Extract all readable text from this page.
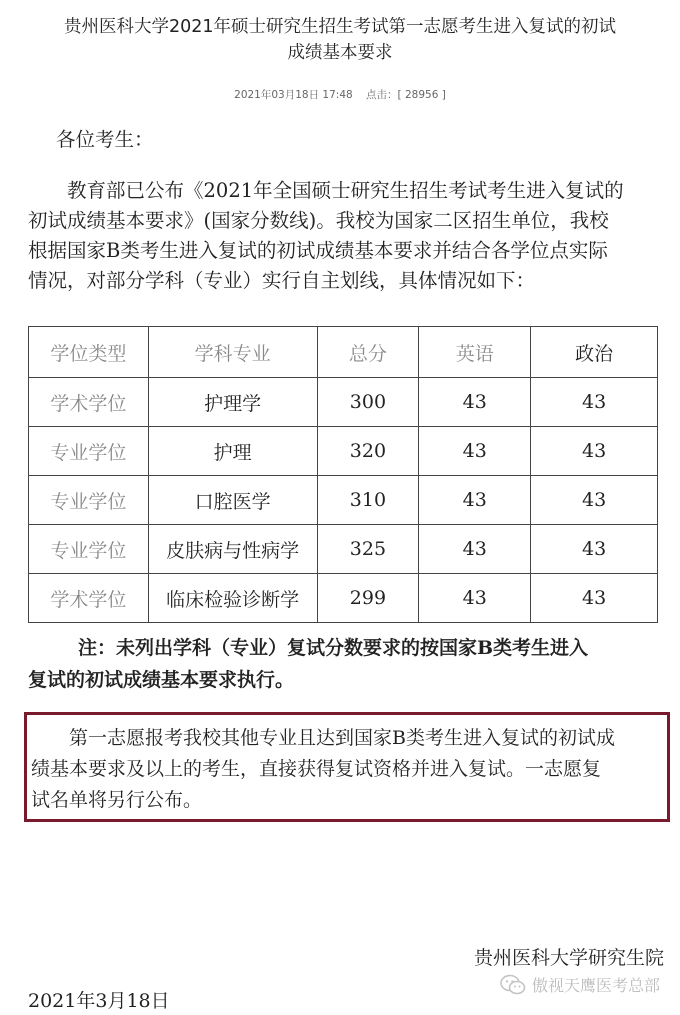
贵州医科大学2021年硕士研究生招生考试第一志愿考生进入复试的初试
成绩基本要求
2021年03月18日 17:48 点击：[ 28956 ]
各位考生：
教育部已公布《2021年全国硕士研究生招生考试考生进入复试的
初试成绩基本要求》(国家分数线)。我校为国家二区招生单位，我校
根据国家B类考生进入复试的初试成绩基本要求并结合各学位点实际
情况，对部分学科（专业）实行自主划线，具体情况如下：
学位类型	学科专业	总分	英语	政治
学术学位	护理学	300	43	43
专业学位	护理	320	43	43
专业学位	口腔医学	310	43	43
专业学位	皮肤病与性病学	325	43	43
学术学位	临床检验诊断学	299	43	43
注：未列出学科（专业）复试分数要求的按国家B类考生进入
复试的初试成绩基本要求执行。
第一志愿报考我校其他专业且达到国家B类考生进入复试的初试成
绩基本要求及以上的考生，直接获得复试资格并进入复试。一志愿复
试名单将另行公布。
贵州医科大学研究生院
傲视天鹰医考总部
2021年3月18日
